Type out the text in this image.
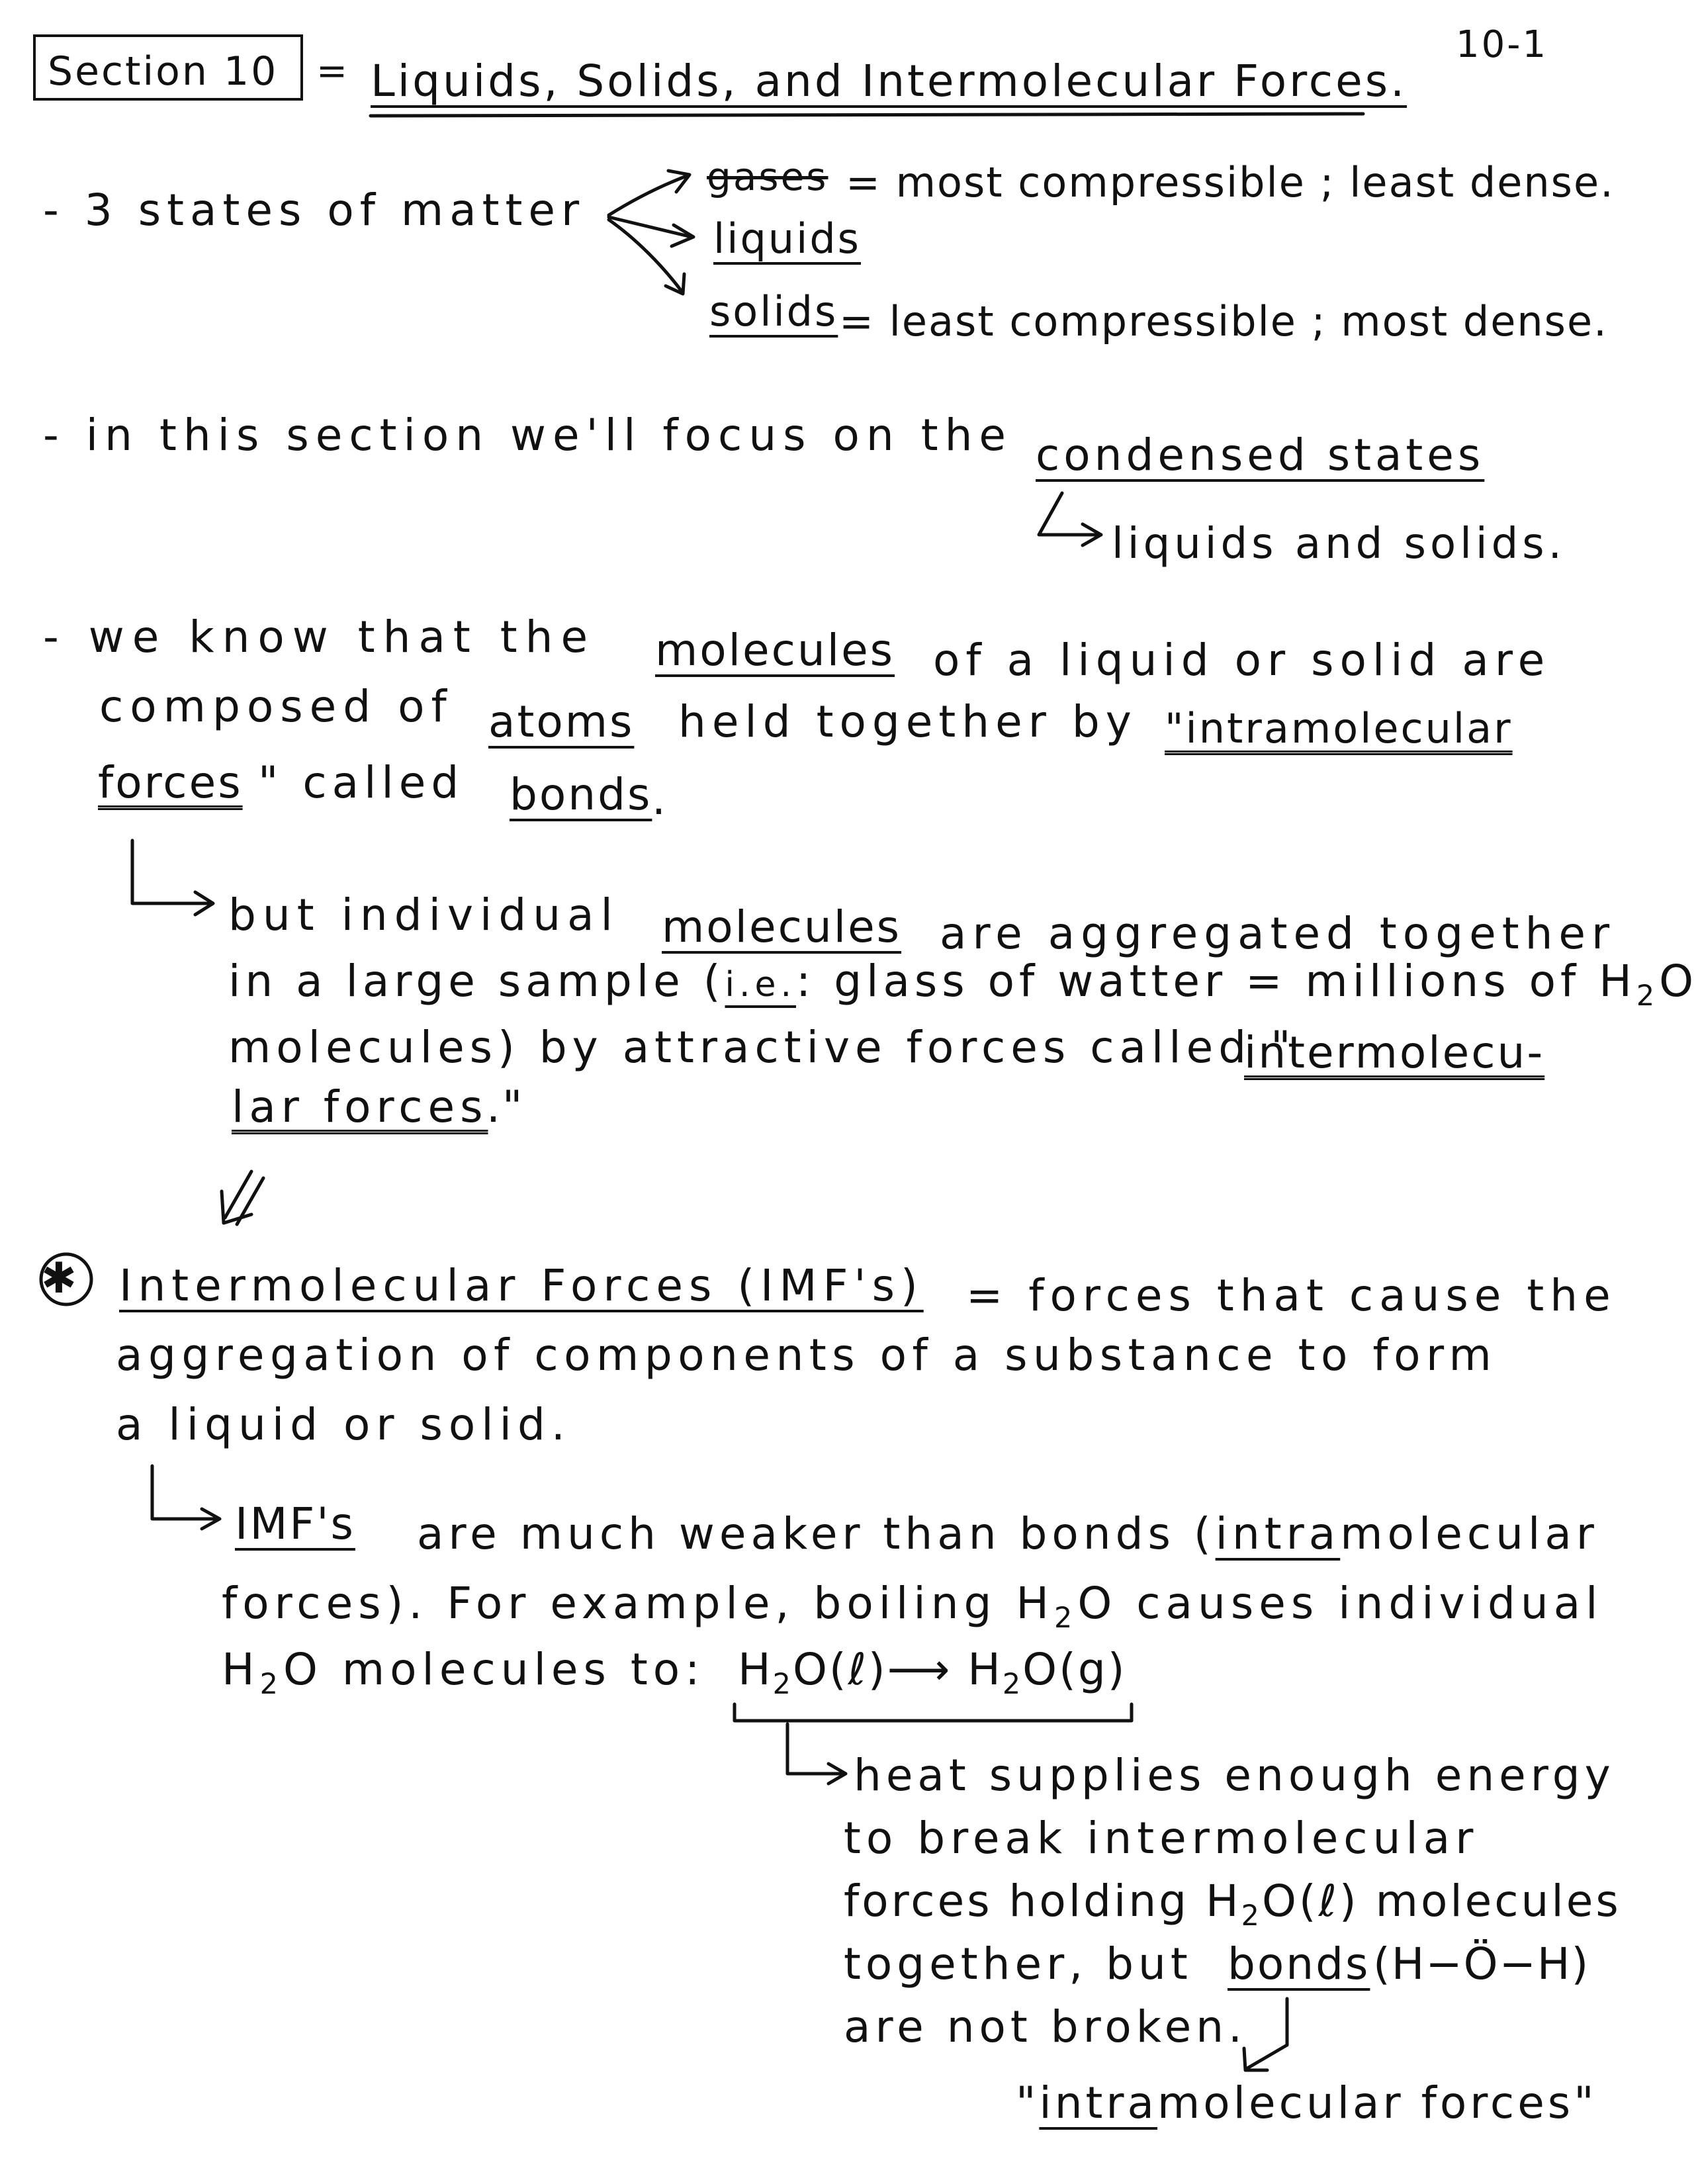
Section 10 = Liquids, Solids, and Intermolecular Forces.
10-1
- 3 states of matter
gases = most compressible ; least dense.
liquids
solids = least compressible ; most dense.
- in this section we'll focus on the condensed states
liquids and solids.
- we know that the molecules of a liquid or solid are
composed of atoms held together by "intramolecular
forces " called bonds .
but individual molecules are aggregated together
in a large sample (i.e.: glass of watter = millions of $H_2O$
molecules) by attractive forces called "
intermolecu-
lar forces
."
✱ Intermolecular Forces (IMF's) = forces that cause the
aggregation of components of a substance to form
a liquid or solid.
IMF's are much weaker than bonds (intramolecular
forces). For example, boiling $H_2O$ causes individual
$H_2O$ molecules to: $H_2O(\ell)⟶$ $H_2O(g)$
heat supplies enough energy
to break intermolecular
forces holding $H_2O(\ell)$ molecules
together, but bonds (H−Ö−H)
are not broken.
"intramolecular forces"
